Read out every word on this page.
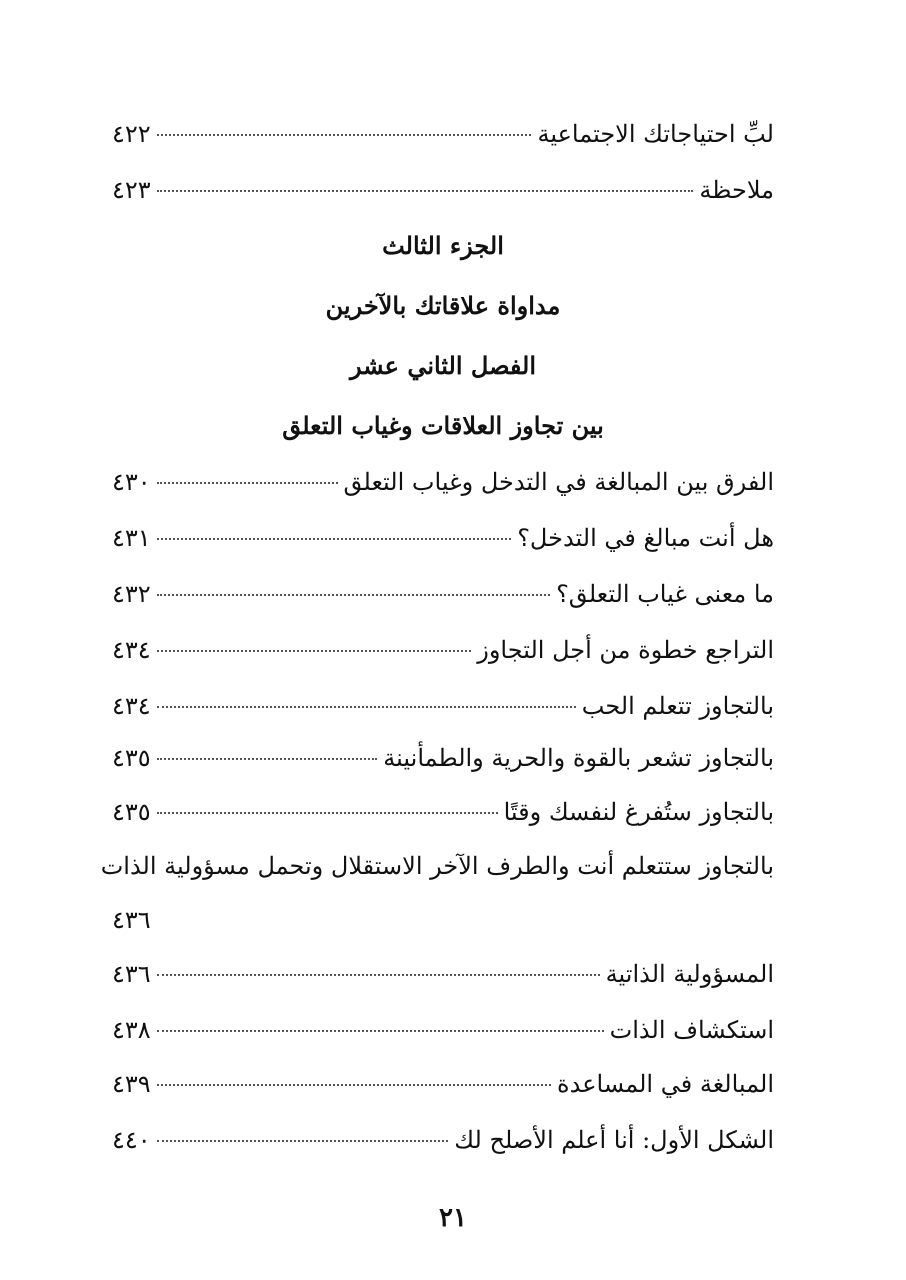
لبِّ احتياجاتك الاجتماعية
٤٢٢
ملاحظة
٤٢٣
الجزء الثالث
مداواة علاقاتك بالآخرين
الفصل الثاني عشر
بين تجاوز العلاقات وغياب التعلق
الفرق بين المبالغة في التدخل وغياب التعلق
٤٣٠
هل أنت مبالغ في التدخل؟
٤٣١
ما معنى غياب التعلق؟
٤٣٢
التراجع خطوة من أجل التجاوز
٤٣٤
بالتجاوز تتعلم الحب
٤٣٤
بالتجاوز تشعر بالقوة والحرية والطمأنينة
٤٣٥
بالتجاوز ستُفرغ لنفسك وقتًا
٤٣٥
بالتجاوز ستتعلم أنت والطرف الآخر الاستقلال وتحمل مسؤولية الذات
٤٣٦
المسؤولية الذاتية
٤٣٦
استكشاف الذات
٤٣٨
المبالغة في المساعدة
٤٣٩
الشكل الأول: أنا أعلم الأصلح لك
٤٤٠
٢١
